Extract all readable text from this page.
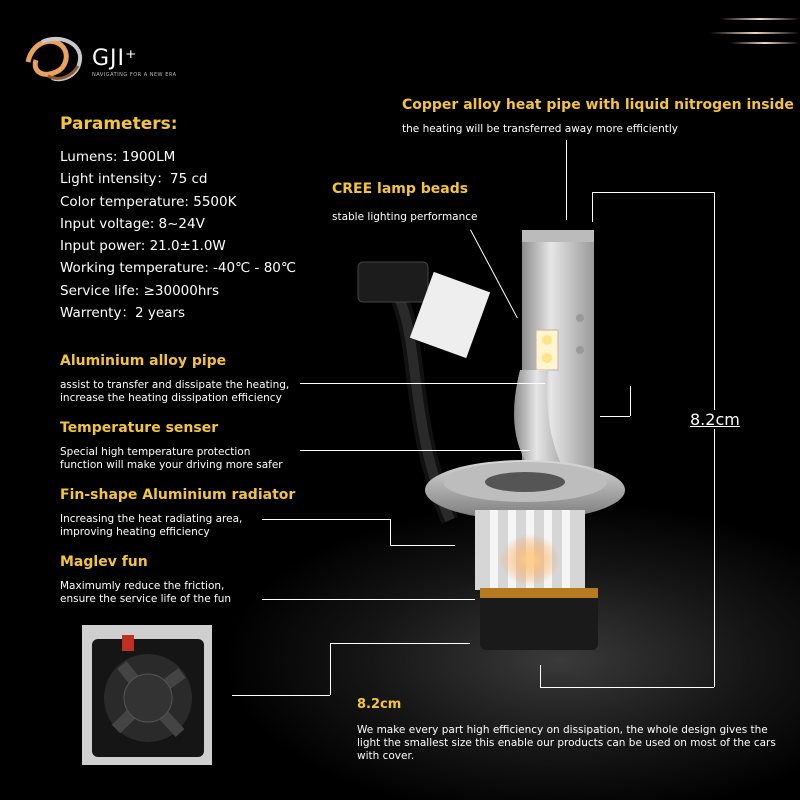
GJI⁺
NAVIGATING FOR A NEW ERA
Parameters:
Lumens: 1900LM
Light intensity：75 cd
Color temperature: 5500K
Input voltage: 8~24V
Input power: 21.0±1.0W
Working temperature: -40℃ - 80℃
Service life: ≥30000hrs
Warrenty：2 years
Aluminium alloy pipe
assist to transfer and dissipate the heating,
increase the heating dissipation efficiency
Temperature senser
Special high temperature protection
function will make your driving more safer
Fin-shape Aluminium radiator
Increasing the heat radiating area,
improving heating efficiency
Maglev fun
Maximumly reduce the friction,
ensure the service life of the fun
Copper alloy heat pipe with liquid nitrogen inside
the heating will be transferred away more efficiently
CREE lamp beads
stable lighting performance
8.2cm
8.2cm
We make every part high efficiency on dissipation, the whole design gives the light the smallest size this enable our products can be used on most of the cars with cover.
